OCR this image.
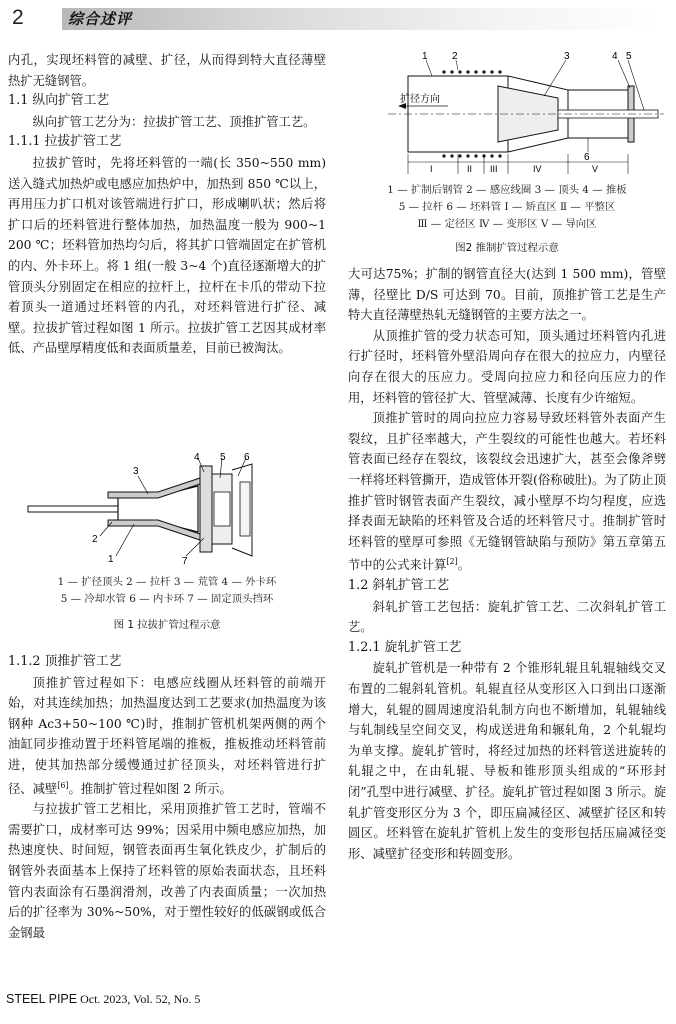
2	综合述评

内孔，实现坯料管的减壁、扩径，从而得到特大直径薄壁热扩无缝钢管。

1.1 纵向扩管工艺

纵向扩管工艺分为：拉拔扩管工艺、顶推扩管工艺。

1.1.1 拉拔扩管工艺

拉拔扩管时，先将坯料管的一端(长 350~550 mm)送入缝式加热炉或电感应加热炉中，加热到 850 ℃以上，再用压力扩口机对该管端进行扩口，形成喇叭状；然后将扩口后的坯料管进行整体加热，加热温度一般为 900~1 200 ℃；坯料管加热均匀后，将其扩口管端固定在扩管机的内、外卡环上。将 1 组(一般 3~4 个)直径逐渐增大的扩管顶头分别固定在相应的拉杆上，拉杆在卡爪的带动下拉着顶头一道通过坯料管的内孔，对坯料管进行扩径、减壁。拉拔扩管过程如图 1 所示。拉拔扩管工艺因其成材率低、产品壁厚精度低和表面质量差，目前已被淘汰。

3
4 5 6
2
1	7
1 — 扩径顶头 2 — 拉杆 3 — 荒管 4 — 外卡环
5 — 冷却水管 6 — 内卡环 7 — 固定顶头挡环
图 1 拉拔扩管过程示意
1.1.2 顶推扩管工艺

顶推扩管过程如下：电感应线圈从坯料管的前端开始，对其连续加热；加热温度达到工艺要求(加热温度为该钢种 Ac3+50~100 ℃)时，推制扩管机机架两侧的两个油缸同步推动置于坯料管尾端的推板，推板推动坯料管前进，使其加热部分缓慢通过扩径顶头，对坯料管进行扩径、减壁[6]。推制扩管过程如图 2 所示。

与拉拔扩管工艺相比，采用顶推扩管工艺时，管端不需要扩口，成材率可达 99%；因采用中频电感应加热，加热速度快、时间短，钢管表面再生氧化铁皮少，扩制后的钢管外表面基本上保持了坯料管的原始表面状态，且坯料管内表面涂有石墨润滑剂，改善了内表面质量；一次加热后的扩径率为 30%~50%，对于塑性较好的低碳钢或低合金钢最

扩径方向
I	II III	IV	V
1 2	3	4 5
6
1 — 扩制后钢管 2 — 感应线圈 3 — 顶头 4 — 推板
5 — 拉杆 6 — 坯料管 Ⅰ — 矫直区 Ⅱ — 平整区
Ⅲ — 定径区 Ⅳ — 变形区 Ⅴ — 导向区
图2 推制扩管过程示意

大可达75%；扩制的钢管直径大(达到 1 500 mm)，管壁薄，径壁比 D/S 可达到 70。目前，顶推扩管工艺是生产特大直径薄壁热轧无缝钢管的主要方法之一。

从顶推扩管的受力状态可知，顶头通过坯料管内孔进行扩径时，坯料管外壁沿周向存在很大的拉应力，内壁径向存在很大的压应力。受周向拉应力和径向压应力的作用，坯料管的管径扩大、管壁减薄、长度有少许缩短。

顶推扩管时的周向拉应力容易导致坯料管外表面产生裂纹，且扩径率越大，产生裂纹的可能性也越大。若坯料管表面已经存在裂纹，该裂纹会迅速扩大，甚至会像斧劈一样将坯料管撕开，造成管体开裂(俗称破肚)。为了防止顶推扩管时钢管表面产生裂纹，减小壁厚不均匀程度，应选择表面无缺陷的坯料管及合适的坯料管尺寸。推制扩管时坯料管的壁厚可参照《无缝钢管缺陷与预防》第五章第五节中的公式来计算[2]。

1.2 斜轧扩管工艺

斜轧扩管工艺包括：旋轧扩管工艺、二次斜轧扩管工艺。

1.2.1 旋轧扩管工艺

旋轧扩管机是一种带有 2 个锥形轧辊且轧辊轴线交叉布置的二辊斜轧管机。轧辊直径从变形区入口到出口逐渐增大，轧辊的圆周速度沿轧制方向也不断增加，轧辊轴线与轧制线呈空间交叉，构成送进角和辗轧角，2 个轧辊均为单支撑。旋轧扩管时，将经过加热的坯料管送进旋转的轧辊之中，在由轧辊、导板和锥形顶头组成的“环形封闭”孔型中进行减壁、扩径。旋轧扩管过程如图 3 所示。旋轧扩管变形区分为 3 个，即压扁减径区、减壁扩径区和转圆区。坯料管在旋轧扩管机上发生的变形包括压扁减径变形、减壁扩径变形和转圆变形。

STEEL PIPE Oct. 2023, Vol. 52, No. 5
